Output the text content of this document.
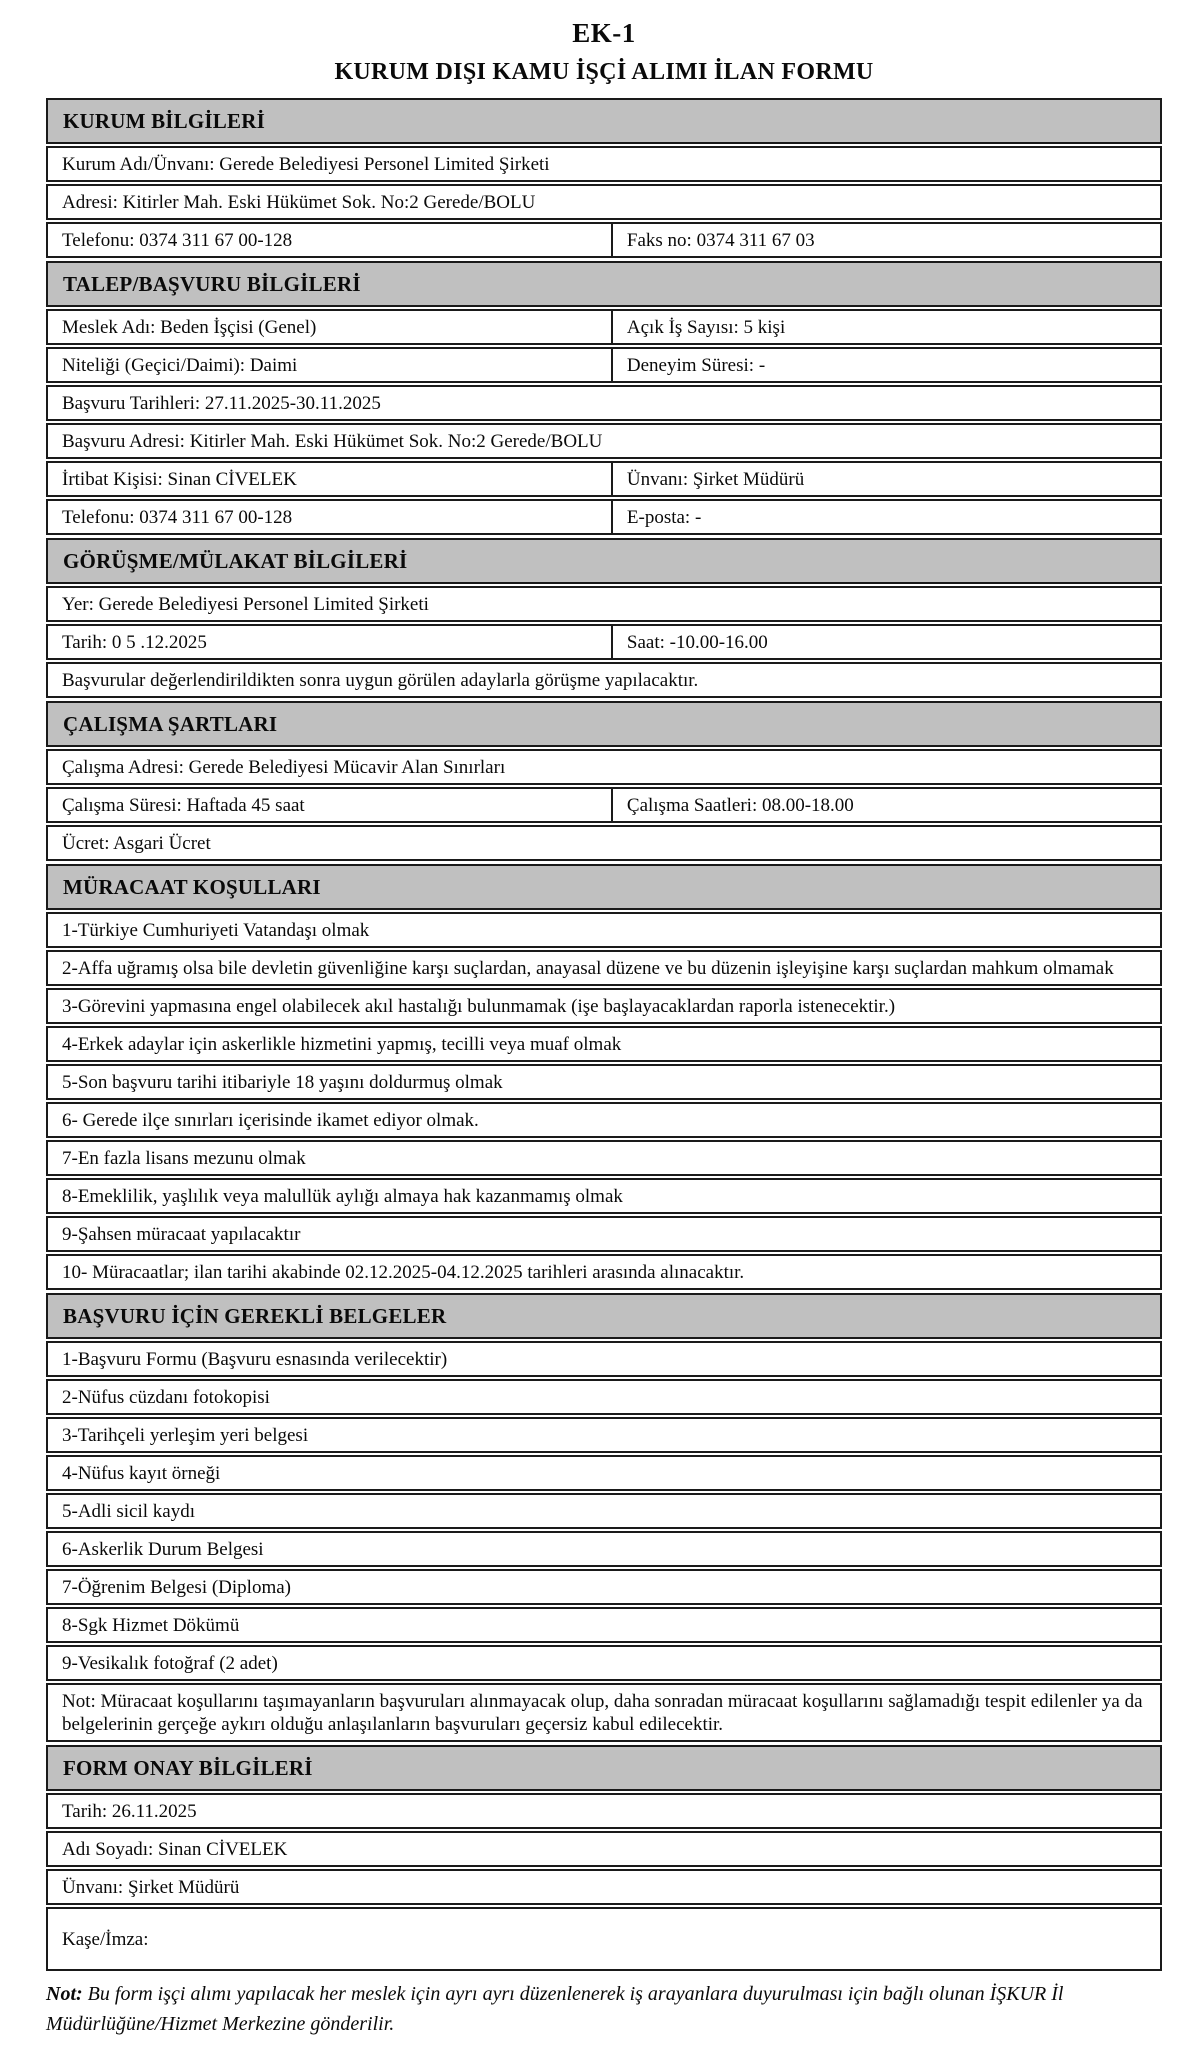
EK-1
KURUM DIŞI KAMU İŞÇİ ALIMI İLAN FORMU
KURUM BİLGİLERİ
Kurum Adı/Ünvanı: Gerede Belediyesi Personel Limited Şirketi
Adresi: Kitirler Mah. Eski Hükümet Sok. No:2 Gerede/BOLU
Telefonu: 0374 311 67 00-128	Faks no: 0374 311 67 03
TALEP/BAŞVURU BİLGİLERİ
Meslek Adı: Beden İşçisi (Genel)	Açık İş Sayısı: 5 kişi
Niteliği (Geçici/Daimi): Daimi	Deneyim Süresi: -
Başvuru Tarihleri: 27.11.2025-30.11.2025
Başvuru Adresi: Kitirler Mah. Eski Hükümet Sok. No:2 Gerede/BOLU
İrtibat Kişisi: Sinan CİVELEK	Ünvanı: Şirket Müdürü
Telefonu: 0374 311 67 00-128	E-posta: -
GÖRÜŞME/MÜLAKAT BİLGİLERİ
Yer: Gerede Belediyesi Personel Limited Şirketi
Tarih: 0 5 .12.2025	Saat: -10.00-16.00
Başvurular değerlendirildikten sonra uygun görülen adaylarla görüşme yapılacaktır.
ÇALIŞMA ŞARTLARI
Çalışma Adresi: Gerede Belediyesi Mücavir Alan Sınırları
Çalışma Süresi: Haftada 45 saat	Çalışma Saatleri: 08.00-18.00
Ücret: Asgari Ücret
MÜRACAAT KOŞULLARI
1-Türkiye Cumhuriyeti Vatandaşı olmak
2-Affa uğramış olsa bile devletin güvenliğine karşı suçlardan, anayasal düzene ve bu düzenin işleyişine karşı suçlardan mahkum olmamak
3-Görevini yapmasına engel olabilecek akıl hastalığı bulunmamak (işe başlayacaklardan raporla istenecektir.)
4-Erkek adaylar için askerlikle hizmetini yapmış, tecilli veya muaf olmak
5-Son başvuru tarihi itibariyle 18 yaşını doldurmuş olmak
6- Gerede ilçe sınırları içerisinde ikamet ediyor olmak.
7-En fazla lisans mezunu olmak
8-Emeklilik, yaşlılık veya malullük aylığı almaya hak kazanmamış olmak
9-Şahsen müracaat yapılacaktır
10- Müracaatlar; ilan tarihi akabinde 02.12.2025-04.12.2025 tarihleri arasında alınacaktır.
BAŞVURU İÇİN GEREKLİ BELGELER
1-Başvuru Formu (Başvuru esnasında verilecektir)
2-Nüfus cüzdanı fotokopisi
3-Tarihçeli yerleşim yeri belgesi
4-Nüfus kayıt örneği
5-Adli sicil kaydı
6-Askerlik Durum Belgesi
7-Öğrenim Belgesi (Diploma)
8-Sgk Hizmet Dökümü
9-Vesikalık fotoğraf (2 adet)
Not: Müracaat koşullarını taşımayanların başvuruları alınmayacak olup, daha sonradan müracaat koşullarını sağlamadığı tespit edilenler ya da belgelerinin gerçeğe aykırı olduğu anlaşılanların başvuruları geçersiz kabul edilecektir.
FORM ONAY BİLGİLERİ
Tarih: 26.11.2025
Adı Soyadı: Sinan CİVELEK
Ünvanı: Şirket Müdürü
Kaşe/İmza:
Not: Bu form işçi alımı yapılacak her meslek için ayrı ayrı düzenlenerek iş arayanlara duyurulması için bağlı olunan İŞKUR İl Müdürlüğüne/Hizmet Merkezine gönderilir.
